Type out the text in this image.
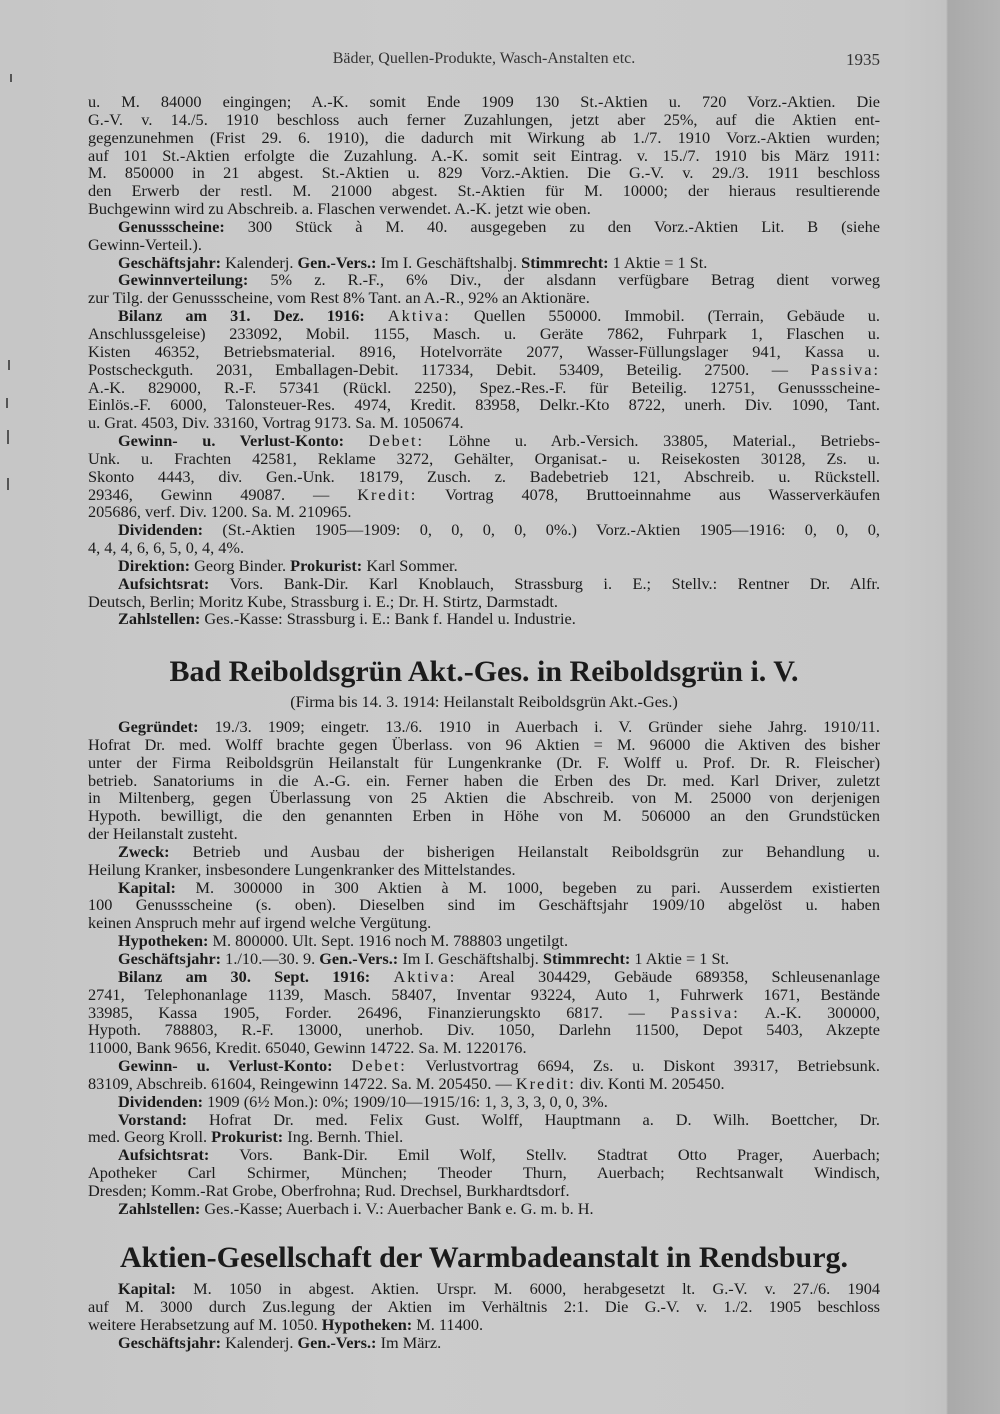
Bäder, Quellen-Produkte, Wasch-Anstalten etc.	1935
u. M. 84000 eingingen; A.-K. somit Ende 1909 130 St.-Aktien u. 720 Vorz.-Aktien. Die
G.-V. v. 14./5. 1910 beschloss auch ferner Zuzahlungen, jetzt aber 25%, auf die Aktien ent-
gegenzunehmen (Frist 29. 6. 1910), die dadurch mit Wirkung ab 1./7. 1910 Vorz.-Aktien wurden;
auf 101 St.-Aktien erfolgte die Zuzahlung. A.-K. somit seit Eintrag. v. 15./7. 1910 bis März 1911:
M. 850000 in 21 abgest. St.-Aktien u. 829 Vorz.-Aktien. Die G.-V. v. 29./3. 1911 beschloss
den Erwerb der restl. M. 21000 abgest. St.-Aktien für M. 10000; der hieraus resultierende
Buchgewinn wird zu Abschreib. a. Flaschen verwendet. A.-K. jetzt wie oben.
Genussscheine: 300 Stück à M. 40. ausgegeben zu den Vorz.-Aktien Lit. B (siehe
Gewinn-Verteil.).
Geschäftsjahr: Kalenderj. Gen.-Vers.: Im I. Geschäftshalbj. Stimmrecht: 1 Aktie = 1 St.
Gewinnverteilung: 5% z. R.-F., 6% Div., der alsdann verfügbare Betrag dient vorweg
zur Tilg. der Genussscheine, vom Rest 8% Tant. an A.-R., 92% an Aktionäre.
Bilanz am 31. Dez. 1916: Aktiva: Quellen 550000. Immobil. (Terrain, Gebäude u.
Anschlussgeleise) 233092, Mobil. 1155, Masch. u. Geräte 7862, Fuhrpark 1, Flaschen u.
Kisten 46352, Betriebsmaterial. 8916, Hotelvorräte 2077, Wasser-Füllungslager 941, Kassa u.
Postscheckguth. 2031, Emballagen-Debit. 117334, Debit. 53409, Beteilig. 27500. — Passiva:
A.-K. 829000, R.-F. 57341 (Rückl. 2250), Spez.-Res.-F. für Beteilig. 12751, Genussscheine-
Einlös.-F. 6000, Talonsteuer-Res. 4974, Kredit. 83958, Delkr.-Kto 8722, unerh. Div. 1090, Tant.
u. Grat. 4503, Div. 33160, Vortrag 9173. Sa. M. 1050674.
Gewinn- u. Verlust-Konto: Debet: Löhne u. Arb.-Versich. 33805, Material., Betriebs-
Unk. u. Frachten 42581, Reklame 3272, Gehälter, Organisat.- u. Reisekosten 30128, Zs. u.
Skonto 4443, div. Gen.-Unk. 18179, Zusch. z. Badebetrieb 121, Abschreib. u. Rückstell.
29346, Gewinn 49087. — Kredit: Vortrag 4078, Bruttoeinnahme aus Wasserverkäufen
205686, verf. Div. 1200. Sa. M. 210965.
Dividenden: (St.-Aktien 1905—1909: 0, 0, 0, 0, 0%.) Vorz.-Aktien 1905—1916: 0, 0, 0,
4, 4, 4, 6, 6, 5, 0, 4, 4%.
Direktion: Georg Binder. Prokurist: Karl Sommer.
Aufsichtsrat: Vors. Bank-Dir. Karl Knoblauch, Strassburg i. E.; Stellv.: Rentner Dr. Alfr.
Deutsch, Berlin; Moritz Kube, Strassburg i. E.; Dr. H. Stirtz, Darmstadt.
Zahlstellen: Ges.-Kasse: Strassburg i. E.: Bank f. Handel u. Industrie.
Bad Reiboldsgrün Akt.-Ges. in Reiboldsgrün i. V.
(Firma bis 14. 3. 1914: Heilanstalt Reiboldsgrün Akt.-Ges.)
Gegründet: 19./3. 1909; eingetr. 13./6. 1910 in Auerbach i. V. Gründer siehe Jahrg. 1910/11.
Hofrat Dr. med. Wolff brachte gegen Überlass. von 96 Aktien = M. 96000 die Aktiven des bisher
unter der Firma Reiboldsgrün Heilanstalt für Lungenkranke (Dr. F. Wolff u. Prof. Dr. R. Fleischer)
betrieb. Sanatoriums in die A.-G. ein. Ferner haben die Erben des Dr. med. Karl Driver, zuletzt
in Miltenberg, gegen Überlassung von 25 Aktien die Abschreib. von M. 25000 von derjenigen
Hypoth. bewilligt, die den genannten Erben in Höhe von M. 506000 an den Grundstücken
der Heilanstalt zusteht.
Zweck: Betrieb und Ausbau der bisherigen Heilanstalt Reiboldsgrün zur Behandlung u.
Heilung Kranker, insbesondere Lungenkranker des Mittelstandes.
Kapital: M. 300000 in 300 Aktien à M. 1000, begeben zu pari. Ausserdem existierten
100 Genussscheine (s. oben). Dieselben sind im Geschäftsjahr 1909/10 abgelöst u. haben
keinen Anspruch mehr auf irgend welche Vergütung.
Hypotheken: M. 800000. Ult. Sept. 1916 noch M. 788803 ungetilgt.
Geschäftsjahr: 1./10.—30. 9. Gen.-Vers.: Im I. Geschäftshalbj. Stimmrecht: 1 Aktie = 1 St.
Bilanz am 30. Sept. 1916: Aktiva: Areal 304429, Gebäude 689358, Schleusenanlage
2741, Telephonanlage 1139, Masch. 58407, Inventar 93224, Auto 1, Fuhrwerk 1671, Bestände
33985, Kassa 1905, Forder. 26496, Finanzierungskto 6817. — Passiva: A.-K. 300000,
Hypoth. 788803, R.-F. 13000, unerhob. Div. 1050, Darlehn 11500, Depot 5403, Akzepte
11000, Bank 9656, Kredit. 65040, Gewinn 14722. Sa. M. 1220176.
Gewinn- u. Verlust-Konto: Debet: Verlustvortrag 6694, Zs. u. Diskont 39317, Betriebsunk.
83109, Abschreib. 61604, Reingewinn 14722. Sa. M. 205450. — Kredit: div. Konti M. 205450.
Dividenden: 1909 (6½ Mon.): 0%; 1909/10—1915/16: 1, 3, 3, 3, 0, 0, 3%.
Vorstand: Hofrat Dr. med. Felix Gust. Wolff, Hauptmann a. D. Wilh. Boettcher, Dr.
med. Georg Kroll. Prokurist: Ing. Bernh. Thiel.
Aufsichtsrat: Vors. Bank-Dir. Emil Wolf, Stellv. Stadtrat Otto Prager, Auerbach;
Apotheker Carl Schirmer, München; Theoder Thurn, Auerbach; Rechtsanwalt Windisch,
Dresden; Komm.-Rat Grobe, Oberfrohna; Rud. Drechsel, Burkhardtsdorf.
Zahlstellen: Ges.-Kasse; Auerbach i. V.: Auerbacher Bank e. G. m. b. H.
Aktien-Gesellschaft der Warmbadeanstalt in Rendsburg.
Kapital: M. 1050 in abgest. Aktien. Urspr. M. 6000, herabgesetzt lt. G.-V. v. 27./6. 1904
auf M. 3000 durch Zus.legung der Aktien im Verhältnis 2:1. Die G.-V. v. 1./2. 1905 beschloss
weitere Herabsetzung auf M. 1050. Hypotheken: M. 11400.
Geschäftsjahr: Kalenderj. Gen.-Vers.: Im März.
